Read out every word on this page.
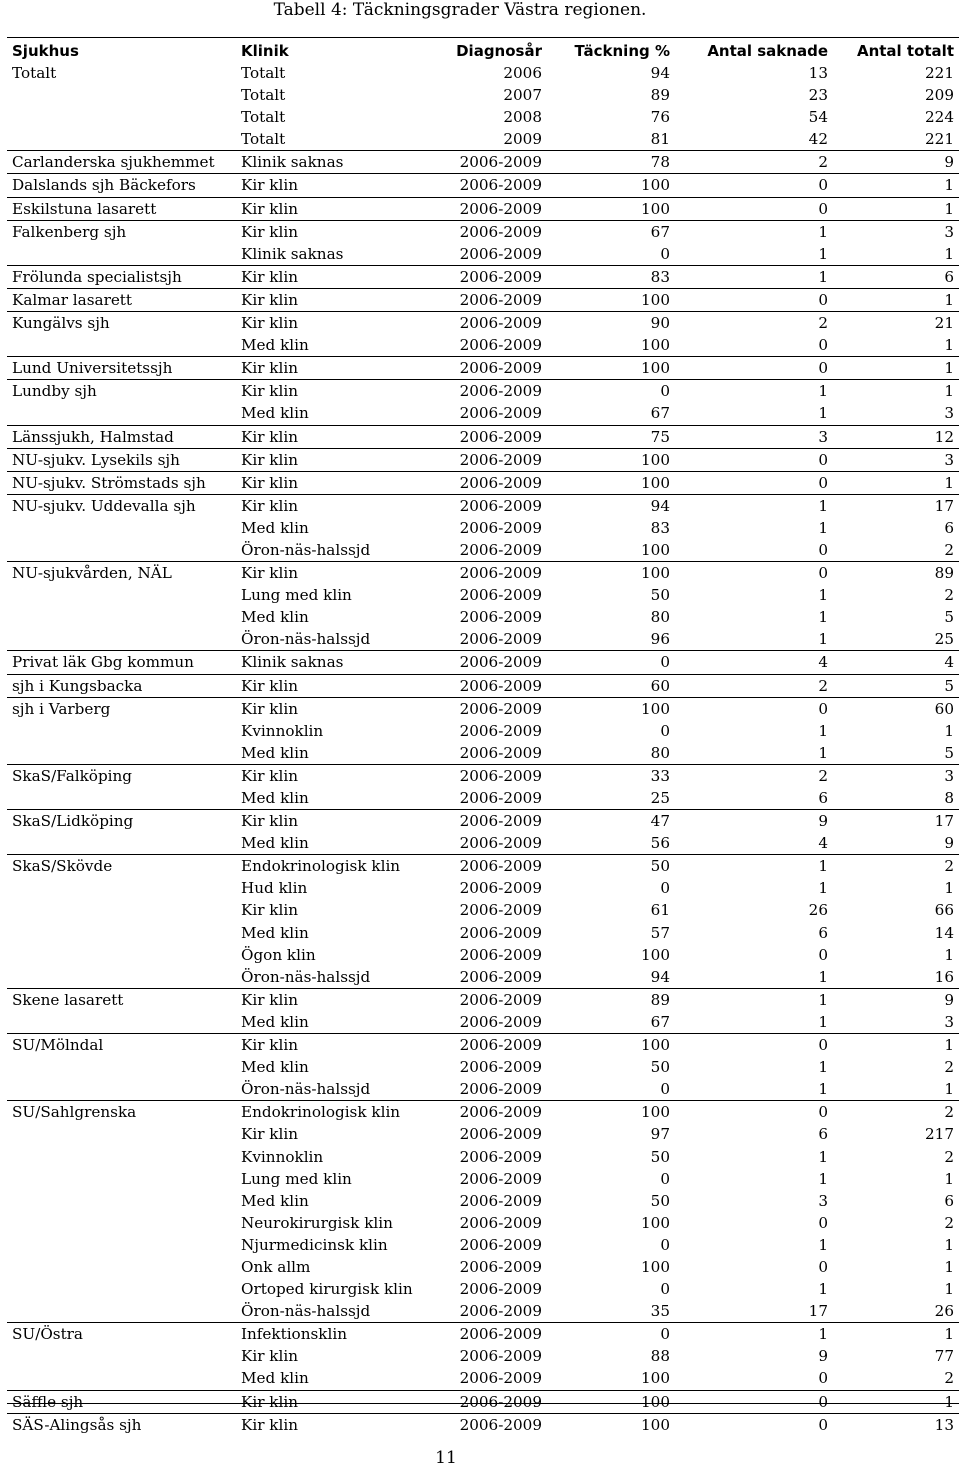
Tabell 4: Täckningsgrader Västra regionen.
Sjukhus	Klinik	Diagnosår	Täckning %	Antal saknade	Antal totalt
Totalt	Totalt	2006	94	13	221
	Totalt	2007	89	23	209
	Totalt	2008	76	54	224
	Totalt	2009	81	42	221
Carlanderska sjukhemmet	Klinik saknas	2006-2009	78	2	9
Dalslands sjh Bäckefors	Kir klin	2006-2009	100	0	1
Eskilstuna lasarett	Kir klin	2006-2009	100	0	1
Falkenberg sjh	Kir klin	2006-2009	67	1	3
	Klinik saknas	2006-2009	0	1	1
Frölunda specialistsjh	Kir klin	2006-2009	83	1	6
Kalmar lasarett	Kir klin	2006-2009	100	0	1
Kungälvs sjh	Kir klin	2006-2009	90	2	21
	Med klin	2006-2009	100	0	1
Lund Universitetssjh	Kir klin	2006-2009	100	0	1
Lundby sjh	Kir klin	2006-2009	0	1	1
	Med klin	2006-2009	67	1	3
Länssjukh, Halmstad	Kir klin	2006-2009	75	3	12
NU-sjukv. Lysekils sjh	Kir klin	2006-2009	100	0	3
NU-sjukv. Strömstads sjh	Kir klin	2006-2009	100	0	1
NU-sjukv. Uddevalla sjh	Kir klin	2006-2009	94	1	17
	Med klin	2006-2009	83	1	6
	Öron-näs-halssjd	2006-2009	100	0	2
NU-sjukvården, NÄL	Kir klin	2006-2009	100	0	89
	Lung med klin	2006-2009	50	1	2
	Med klin	2006-2009	80	1	5
	Öron-näs-halssjd	2006-2009	96	1	25
Privat läk Gbg kommun	Klinik saknas	2006-2009	0	4	4
sjh i Kungsbacka	Kir klin	2006-2009	60	2	5
sjh i Varberg	Kir klin	2006-2009	100	0	60
	Kvinnoklin	2006-2009	0	1	1
	Med klin	2006-2009	80	1	5
SkaS/Falköping	Kir klin	2006-2009	33	2	3
	Med klin	2006-2009	25	6	8
SkaS/Lidköping	Kir klin	2006-2009	47	9	17
	Med klin	2006-2009	56	4	9
SkaS/Skövde	Endokrinologisk klin	2006-2009	50	1	2
	Hud klin	2006-2009	0	1	1
	Kir klin	2006-2009	61	26	66
	Med klin	2006-2009	57	6	14
	Ögon klin	2006-2009	100	0	1
	Öron-näs-halssjd	2006-2009	94	1	16
Skene lasarett	Kir klin	2006-2009	89	1	9
	Med klin	2006-2009	67	1	3
SU/Mölndal	Kir klin	2006-2009	100	0	1
	Med klin	2006-2009	50	1	2
	Öron-näs-halssjd	2006-2009	0	1	1
SU/Sahlgrenska	Endokrinologisk klin	2006-2009	100	0	2
	Kir klin	2006-2009	97	6	217
	Kvinnoklin	2006-2009	50	1	2
	Lung med klin	2006-2009	0	1	1
	Med klin	2006-2009	50	3	6
	Neurokirurgisk klin	2006-2009	100	0	2
	Njurmedicinsk klin	2006-2009	0	1	1
	Onk allm	2006-2009	100	0	1
	Ortoped kirurgisk klin	2006-2009	0	1	1
	Öron-näs-halssjd	2006-2009	35	17	26
SU/Östra	Infektionsklin	2006-2009	0	1	1
	Kir klin	2006-2009	88	9	77
	Med klin	2006-2009	100	0	2
Säffle sjh	Kir klin	2006-2009	100	0	1
SÄS-Alingsås sjh	Kir klin	2006-2009	100	0	13
11
